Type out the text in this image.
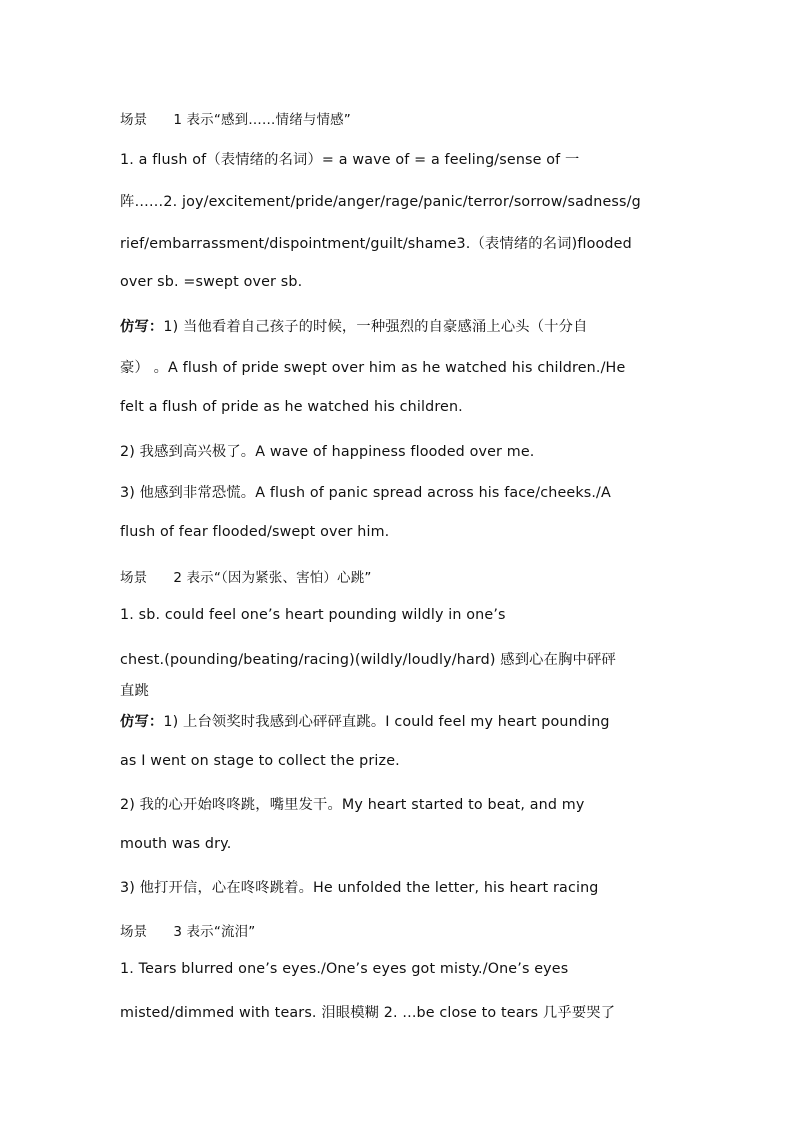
场景 1 表示“感到……情绪与情感”
1. a flush of（表情绪的名词）= a wave of = a feeling/sense of 一
阵……2. joy/excitement/pride/anger/rage/panic/terror/sorrow/sadness/g
rief/embarrassment/dispointment/guilt/shame3.（表情绪的名词)flooded
over sb. =swept over sb.
仿写：1) 当他看着自己孩子的时候，一种强烈的自豪感涌上心头（十分自
豪） 。A flush of pride swept over him as he watched his children./He
felt a flush of pride as he watched his children.
2) 我感到高兴极了。A wave of happiness flooded over me.
3) 他感到非常恐慌。A flush of panic spread across his face/cheeks./A
flush of fear flooded/swept over him.
场景 2 表示“（因为紧张、害怕）心跳”
1. sb. could feel one’s heart pounding wildly in one’s
chest.(pounding/beating/racing)(wildly/loudly/hard) 感到心在胸中砰砰
直跳
仿写：1) 上台领奖时我感到心砰砰直跳。I could feel my heart pounding
as I went on stage to collect the prize.
2) 我的心开始咚咚跳，嘴里发干。My heart started to beat, and my
mouth was dry.
3) 他打开信，心在咚咚跳着。He unfolded the letter, his heart racing
场景 3 表示“流泪”
1. Tears blurred one’s eyes./One’s eyes got misty./One’s eyes
misted/dimmed with tears. 泪眼模糊 2. ...be close to tears 几乎要哭了
